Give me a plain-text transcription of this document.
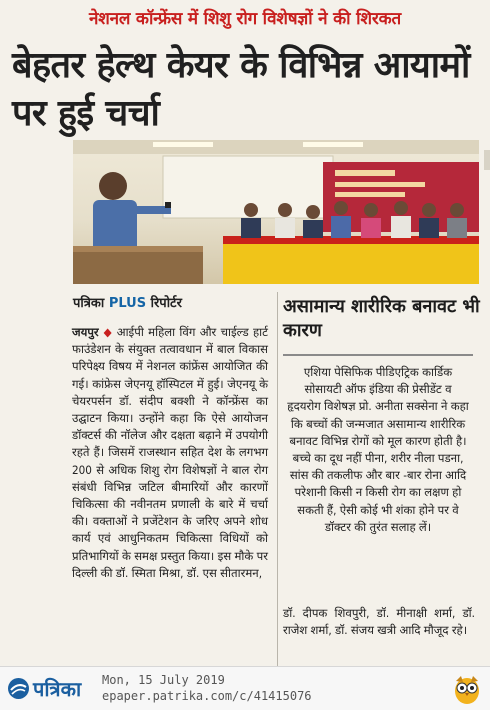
नेशनल कॉन्फ्रेंस में शिशु रोग विशेषज्ञों ने की शिरकत
बेहतर हेल्थ केयर के विभिन्न आयामों पर हुई चर्चा
पत्रिका PLUS रिपोर्टर
जयपुर ◆ आईपी महिला विंग और चाईल्ड हार्ट फाउंडेशन के संयुक्त तत्वावधान में बाल विकास परिपेक्ष्य विषय में नेशनल कांफ्रेंस आयोजित की गई। कांफ्रेस जेएनयू हॉस्पिटल में हुई। जेएनयू के चेयरपर्सन डॉ. संदीप बक्शी ने कॉन्फ्रेंस का उद्घाटन किया। उन्होंने कहा कि ऐसे आयोजन डॉक्टर्स की नॉलेज और दक्षता बढ़ाने में उपयोगी रहते हैं। जिसमें राजस्थान सहित देश के लगभग 200 से अधिक शिशु रोग विशेषज्ञों ने बाल रोग संबंधी विभिन्न जटिल बीमारियों और कारणों चिकित्सा की नवीनतम प्रणाली के बारे में चर्चा की। वक्ताओं ने प्रजेंटेशन के जरिए अपने शोध कार्य एवं आधुनिकतम चिकित्सा विधियों को प्रतिभागियों के समक्ष प्रस्तुत किया। इस मौके पर दिल्ली की डॉ. स्मिता मिश्रा, डॉ. एस सीतारमन,
असामान्य शारीरिक बनावट भी कारण
एशिया पेसिफिक पीडिएट्रिक कार्डिक सोसायटी ऑफ इंडिया की प्रेसीडेंट व हृदयरोग विशेषज्ञ प्रो. अनीता सक्सेना ने कहा कि बच्चों की जन्मजात असामान्य शारीरिक बनावट विभिन्न रोगों को मूल कारण होती है। बच्चे का दूध नहीं पीना, शरीर नीला पडना, सांस की तकलीफ और बार -बार रोना आदि परेशानी किसी न किसी रोग का लक्षण हो सकती हैं, ऐसी कोई भी शंका होने पर वे डॉक्टर की तुरंत सलाह लें।
डॉ. दीपक शिवपुरी, डॉ. मीनाक्षी शर्मा, डॉ. राजेश शर्मा, डॉ. संजय खत्री आदि मौजूद रहे।
पत्रिका Mon, 15 July 2019
epaper.patrika.com/c/41415076
